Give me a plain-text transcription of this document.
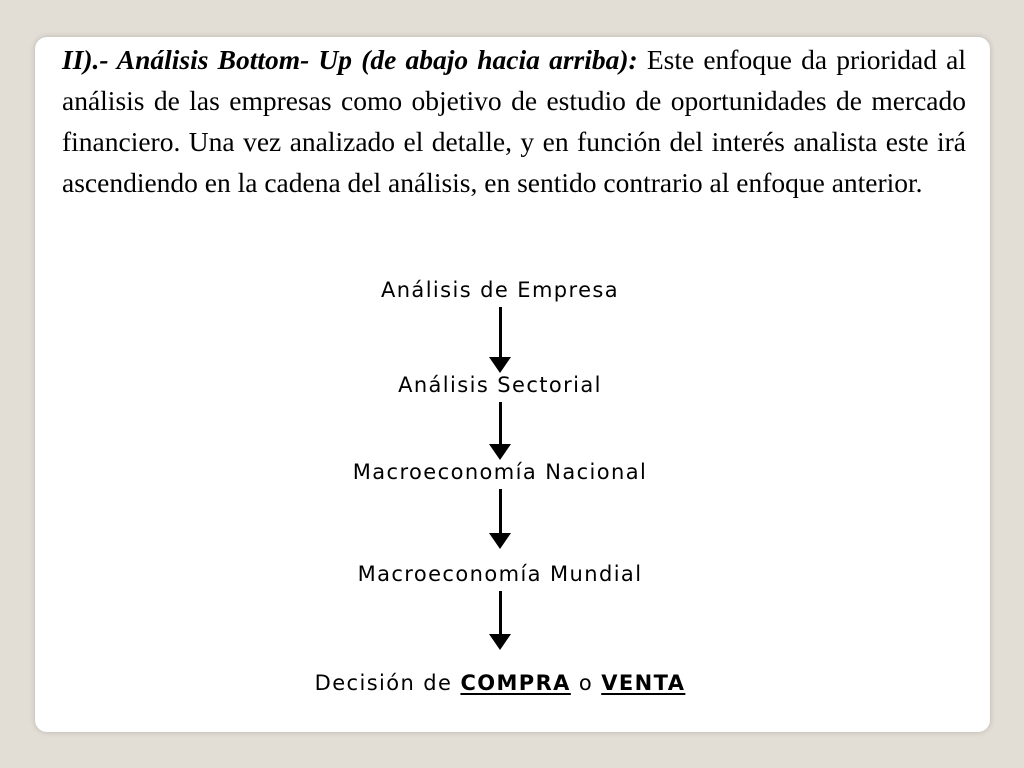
II).- Análisis Bottom- Up (de abajo hacia arriba): Este enfoque da prioridad al análisis de las empresas como objetivo de estudio de oportunidades de mercado financiero. Una vez analizado el detalle, y en función del interés analista este irá ascendiendo en la cadena del análisis, en sentido contrario al enfoque anterior.

Análisis de Empresa
Análisis Sectorial
Macroeconomía Nacional
Macroeconomía Mundial
Decisión de COMPRA o VENTA
